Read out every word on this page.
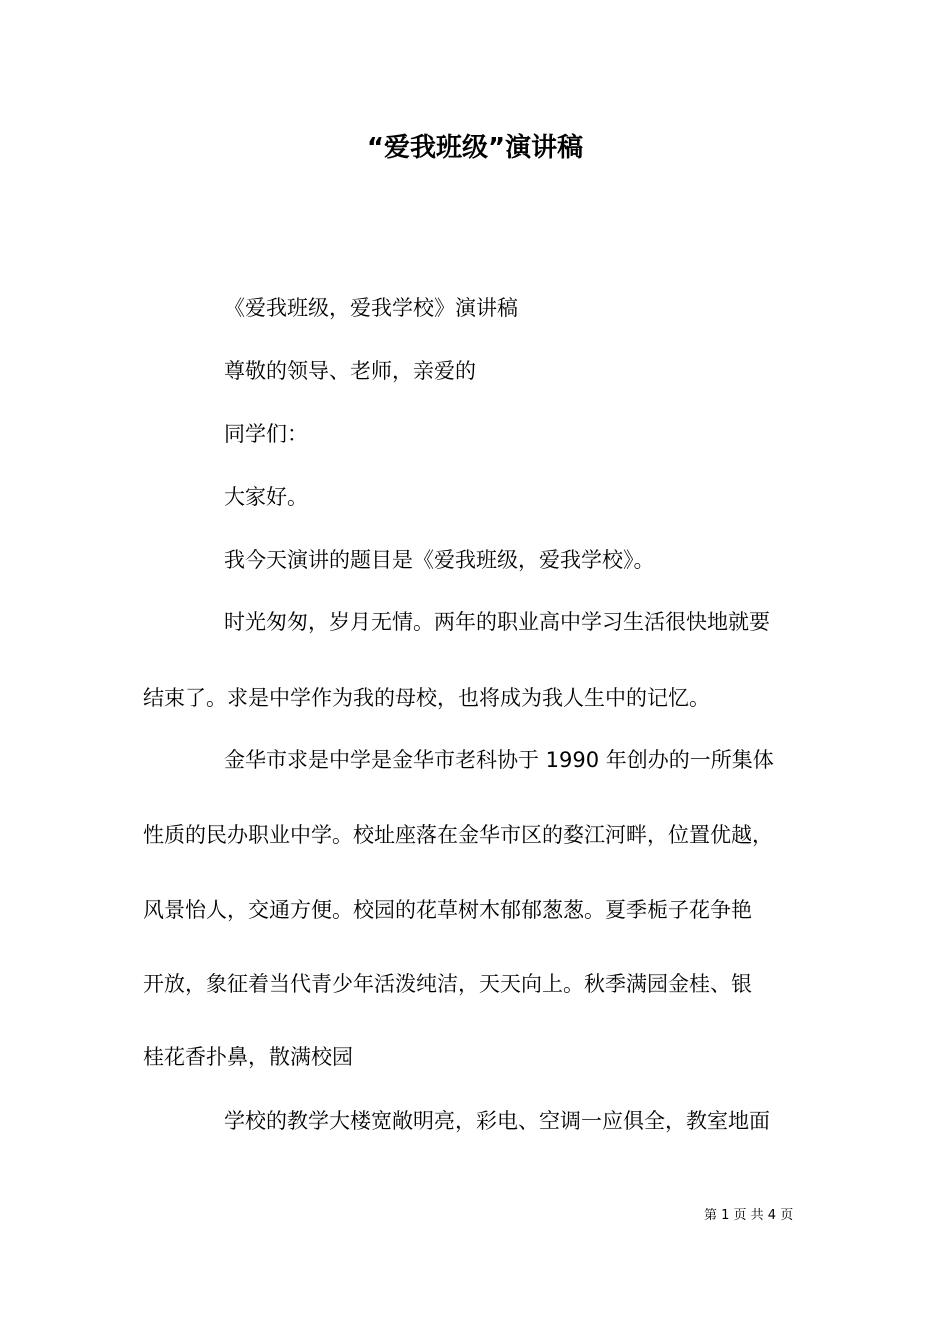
“爱我班级”演讲稿
《爱我班级，爱我学校》演讲稿
尊敬的领导、老师，亲爱的
同学们：
大家好。
我今天演讲的题目是《爱我班级，爱我学校》。
时光匆匆，岁月无情。两年的职业高中学习生活很快地就要
结束了。求是中学作为我的母校，也将成为我人生中的记忆。
金华市求是中学是金华市老科协于 1990 年创办的一所集体
性质的民办职业中学。校址座落在金华市区的婺江河畔，位置优越，
风景怡人，交通方便。校园的花草树木郁郁葱葱。夏季栀子花争艳
开放，象征着当代青少年活泼纯洁，天天向上。秋季满园金桂、银
桂花香扑鼻，散满校园
学校的教学大楼宽敞明亮，彩电、空调一应俱全，教室地面
第 1 页 共 4 页
